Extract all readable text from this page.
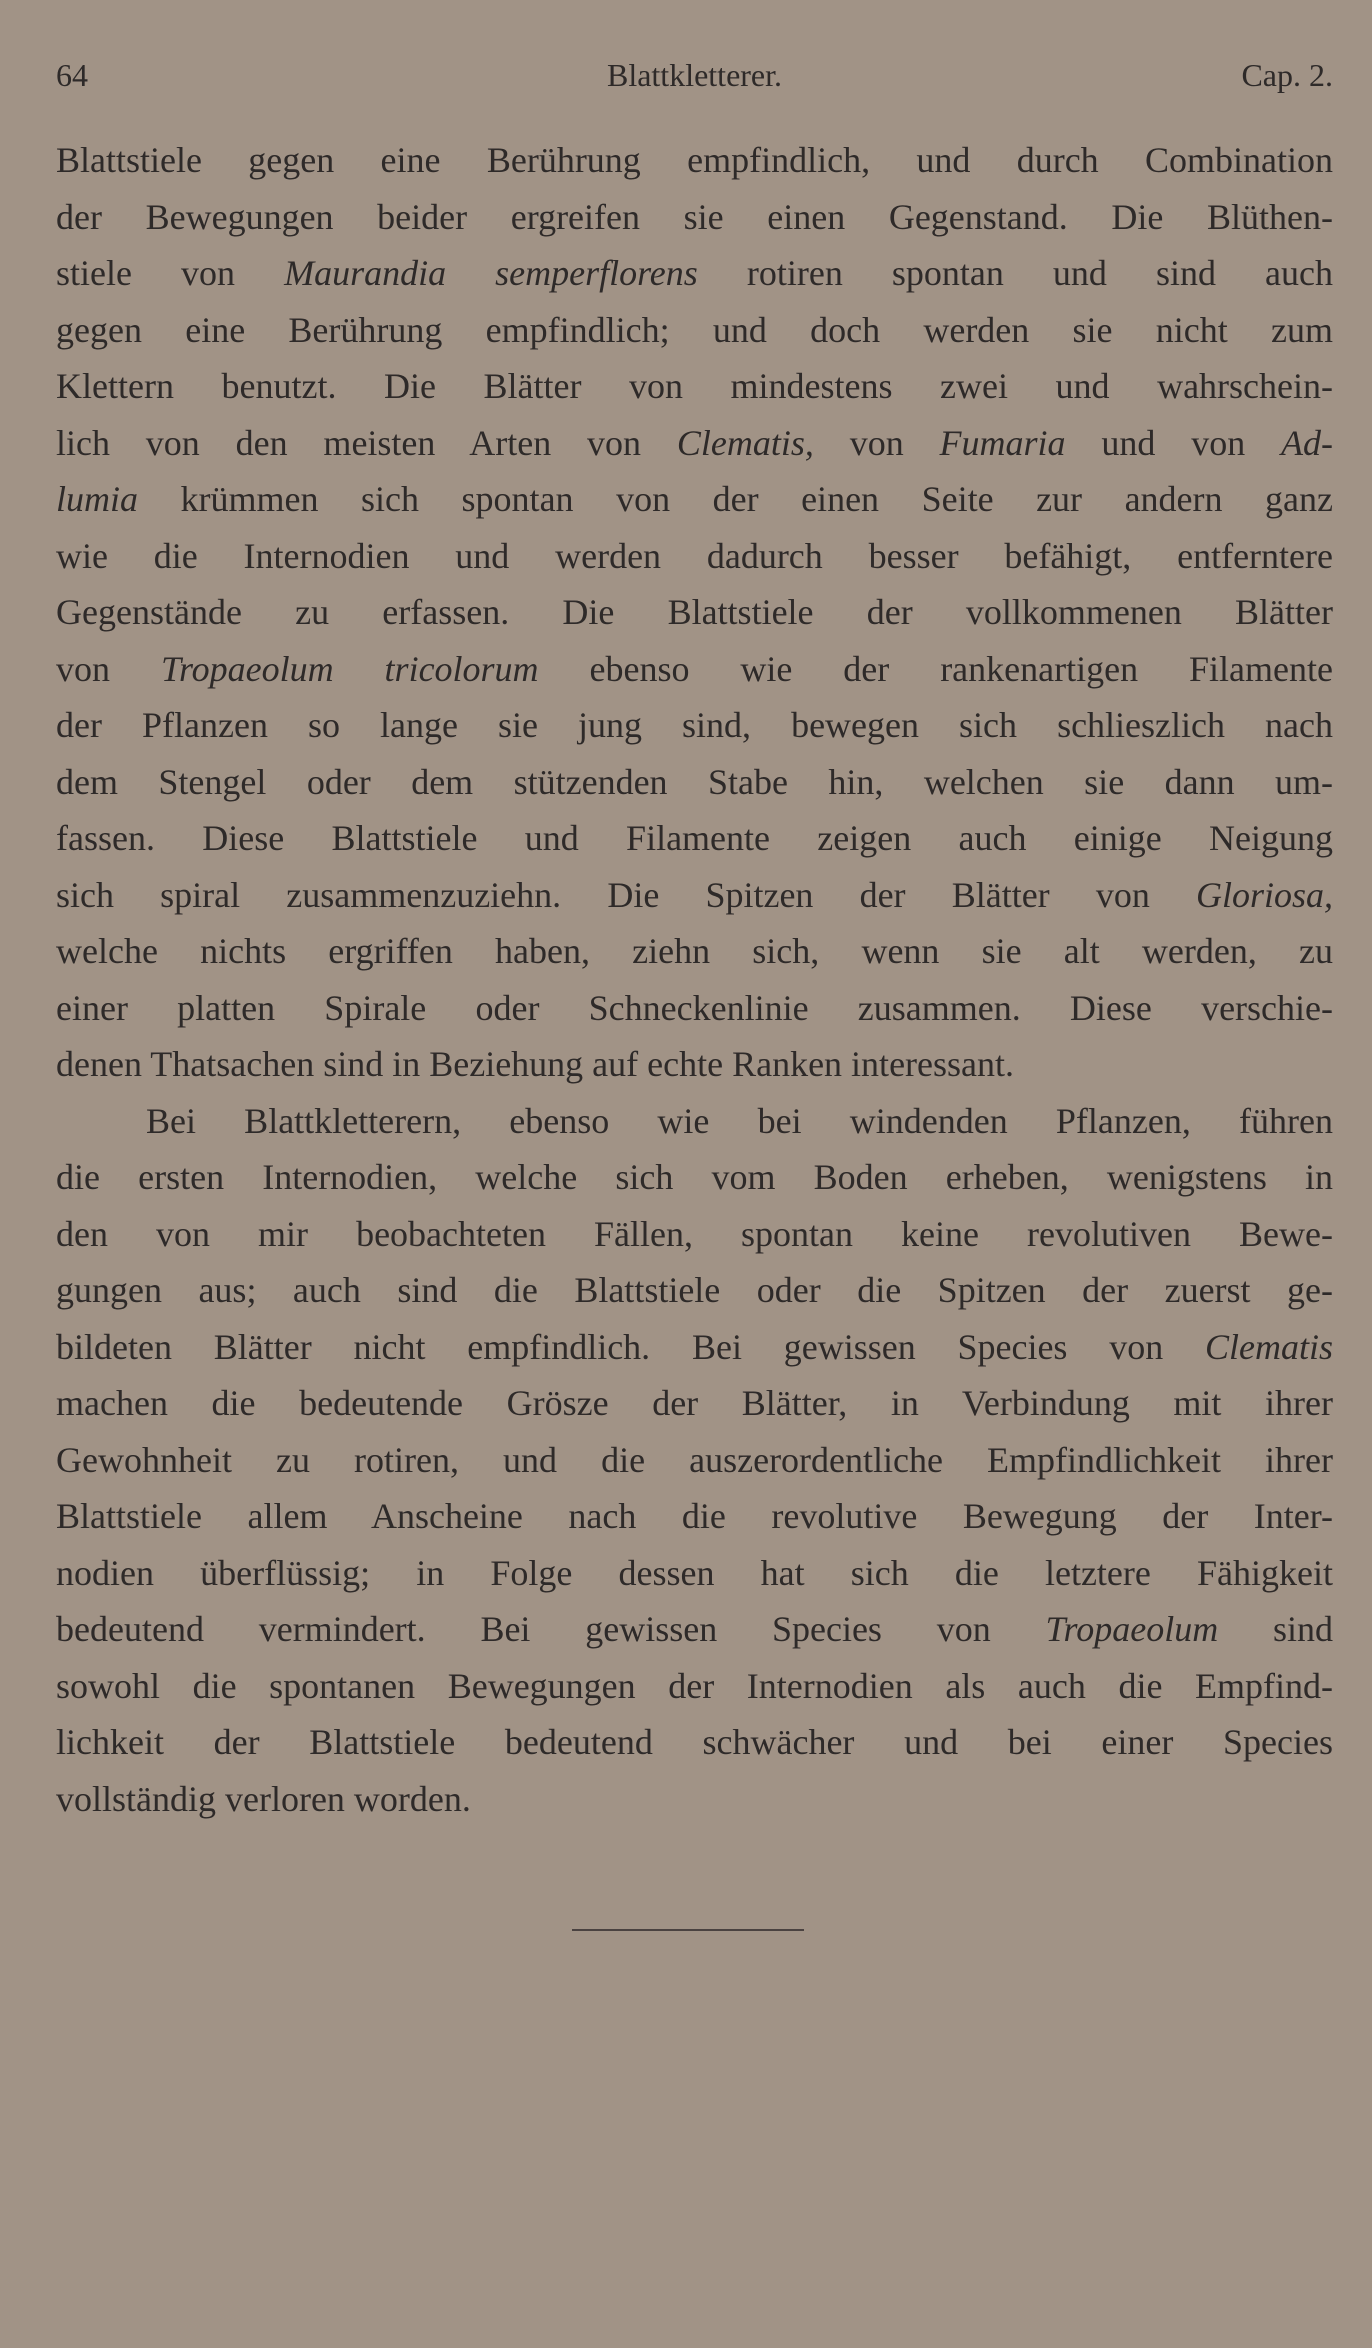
64	Blattkletterer.	Cap. 2.
Blattstiele gegen eine Berührung empfindlich, und durch Combination
der Bewegungen beider ergreifen sie einen Gegenstand. Die Blüthen-
stiele von Maurandia semperflorens rotiren spontan und sind auch
gegen eine Berührung empfindlich; und doch werden sie nicht zum
Klettern benutzt. Die Blätter von mindestens zwei und wahrschein-
lich von den meisten Arten von Clematis, von Fumaria und von Ad-
lumia krümmen sich spontan von der einen Seite zur andern ganz
wie die Internodien und werden dadurch besser befähigt, entferntere
Gegenstände zu erfassen. Die Blattstiele der vollkommenen Blätter
von Tropaeolum tricolorum ebenso wie der rankenartigen Filamente
der Pflanzen so lange sie jung sind, bewegen sich schlieszlich nach
dem Stengel oder dem stützenden Stabe hin, welchen sie dann um-
fassen. Diese Blattstiele und Filamente zeigen auch einige Neigung
sich spiral zusammenzuziehn. Die Spitzen der Blätter von Gloriosa,
welche nichts ergriffen haben, ziehn sich, wenn sie alt werden, zu
einer platten Spirale oder Schneckenlinie zusammen. Diese verschie-
denen Thatsachen sind in Beziehung auf echte Ranken interessant.
Bei Blattkletterern, ebenso wie bei windenden Pflanzen, führen
die ersten Internodien, welche sich vom Boden erheben, wenigstens in
den von mir beobachteten Fällen, spontan keine revolutiven Bewe-
gungen aus; auch sind die Blattstiele oder die Spitzen der zuerst ge-
bildeten Blätter nicht empfindlich. Bei gewissen Species von Clematis
machen die bedeutende Grösze der Blätter, in Verbindung mit ihrer
Gewohnheit zu rotiren, und die auszerordentliche Empfindlichkeit ihrer
Blattstiele allem Anscheine nach die revolutive Bewegung der Inter-
nodien überflüssig; in Folge dessen hat sich die letztere Fähigkeit
bedeutend vermindert. Bei gewissen Species von Tropaeolum sind
sowohl die spontanen Bewegungen der Internodien als auch die Empfind-
lichkeit der Blattstiele bedeutend schwächer und bei einer Species
vollständig verloren worden.
